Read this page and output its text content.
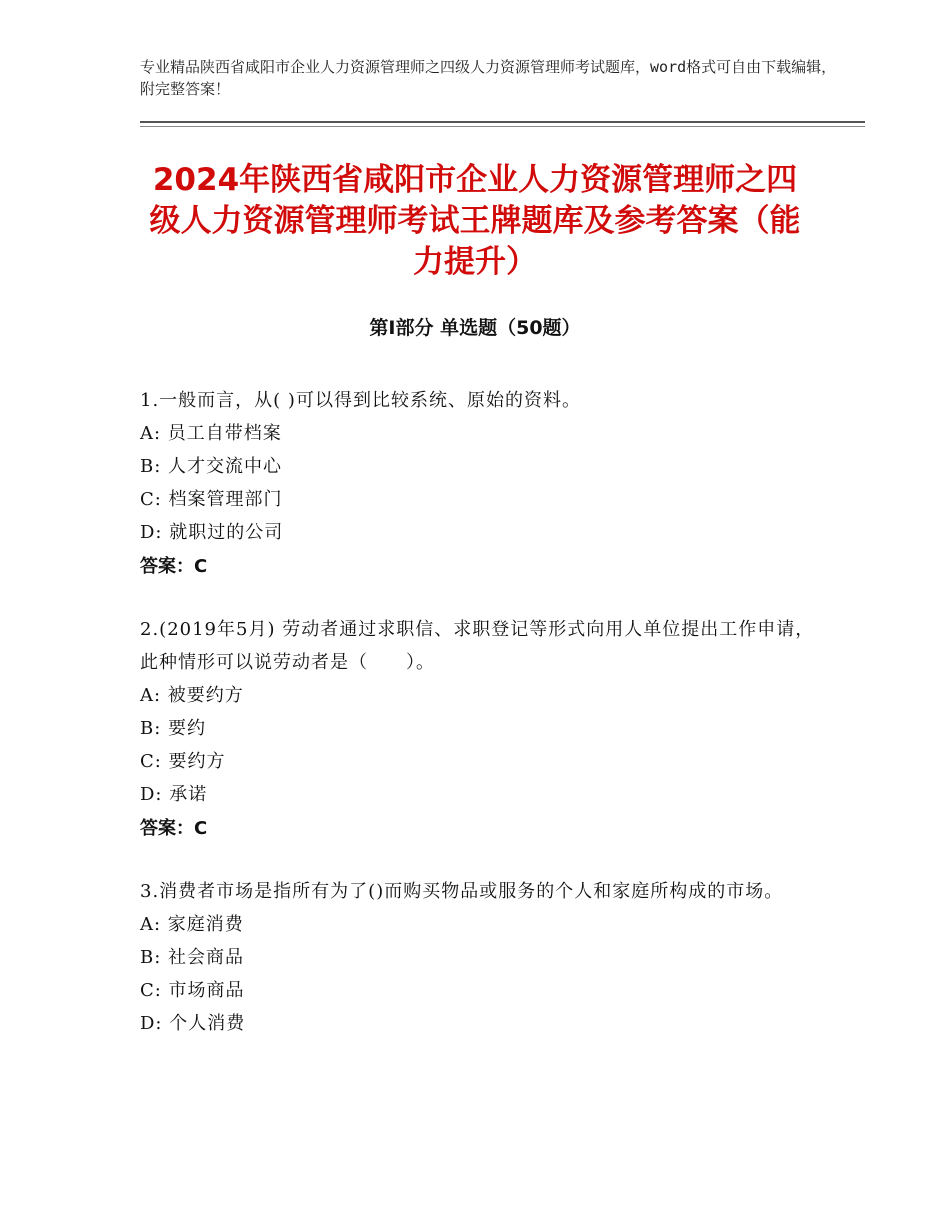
专业精品陕西省咸阳市企业人力资源管理师之四级人力资源管理师考试题库，word格式可自由下载编辑，附完整答案！
2024年陕西省咸阳市企业人力资源管理师之四级人力资源管理师考试王牌题库及参考答案（能力提升）
第Ⅰ部分 单选题（50题）
1.一般而言，从( )可以得到比较系统、原始的资料。
A: 员工自带档案
B: 人才交流中心
C: 档案管理部门
D: 就职过的公司
答案：C
2.(2019年5月) 劳动者通过求职信、求职登记等形式向用人单位提出工作申请，此种情形可以说劳动者是（　　）。
A: 被要约方
B: 要约
C: 要约方
D: 承诺
答案：C
3.消费者市场是指所有为了()而购买物品或服务的个人和家庭所构成的市场。
A: 家庭消费
B: 社会商品
C: 市场商品
D: 个人消费
